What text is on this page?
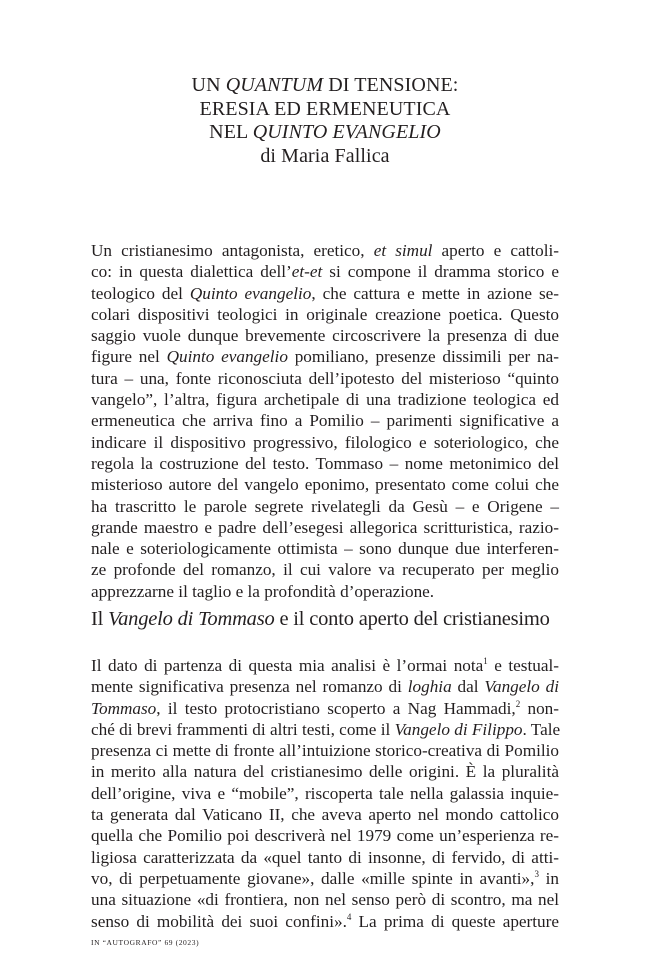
UN QUANTUM DI TENSIONE:
ERESIA ED ERMENEUTICA
NEL QUINTO EVANGELIO
di Maria Fallica
Un cristianesimo antagonista, eretico, et simul aperto e cattoli-
co: in questa dialettica dell’et-et si compone il dramma storico e
teologico del Quinto evangelio, che cattura e mette in azione se-
colari dispositivi teologici in originale creazione poetica. Questo
saggio vuole dunque brevemente circoscrivere la presenza di due
figure nel Quinto evangelio pomiliano, presenze dissimili per na-
tura – una, fonte riconosciuta dell’ipotesto del misterioso “quinto
vangelo”, l’altra, figura archetipale di una tradizione teologica ed
ermeneutica che arriva fino a Pomilio – parimenti significative a
indicare il dispositivo progressivo, filologico e soteriologico, che
regola la costruzione del testo. Tommaso – nome metonimico del
misterioso autore del vangelo eponimo, presentato come colui che
ha trascritto le parole segrete rivelategli da Gesù – e Origene –
grande maestro e padre dell’esegesi allegorica scritturistica, razio-
nale e soteriologicamente ottimista – sono dunque due interferen-
ze profonde del romanzo, il cui valore va recuperato per meglio
apprezzarne il taglio e la profondità d’operazione.
Il Vangelo di Tommaso e il conto aperto del cristianesimo
Il dato di partenza di questa mia analisi è l’ormai nota$^1$ e testual-
mente significativa presenza nel romanzo di loghia dal Vangelo di
Tommaso, il testo protocristiano scoperto a Nag Hammadi,$^2$ non-
ché di brevi frammenti di altri testi, come il Vangelo di Filippo. Tale
presenza ci mette di fronte all’intuizione storico-creativa di Pomilio
in merito alla natura del cristianesimo delle origini. È la pluralità
dell’origine, viva e “mobile”, riscoperta tale nella galassia inquie-
ta generata dal Vaticano II, che aveva aperto nel mondo cattolico
quella che Pomilio poi descriverà nel 1979 come un’esperienza re-
ligiosa caratterizzata da «quel tanto di insonne, di fervido, di atti-
vo, di perpetuamente giovane», dalle «mille spinte in avanti»,$^3$ in
una situazione «di frontiera, non nel senso però di scontro, ma nel
senso di mobilità dei suoi confini».$^4$ La prima di queste aperture
IN “AUTOGRAFO” 69 (2023)
